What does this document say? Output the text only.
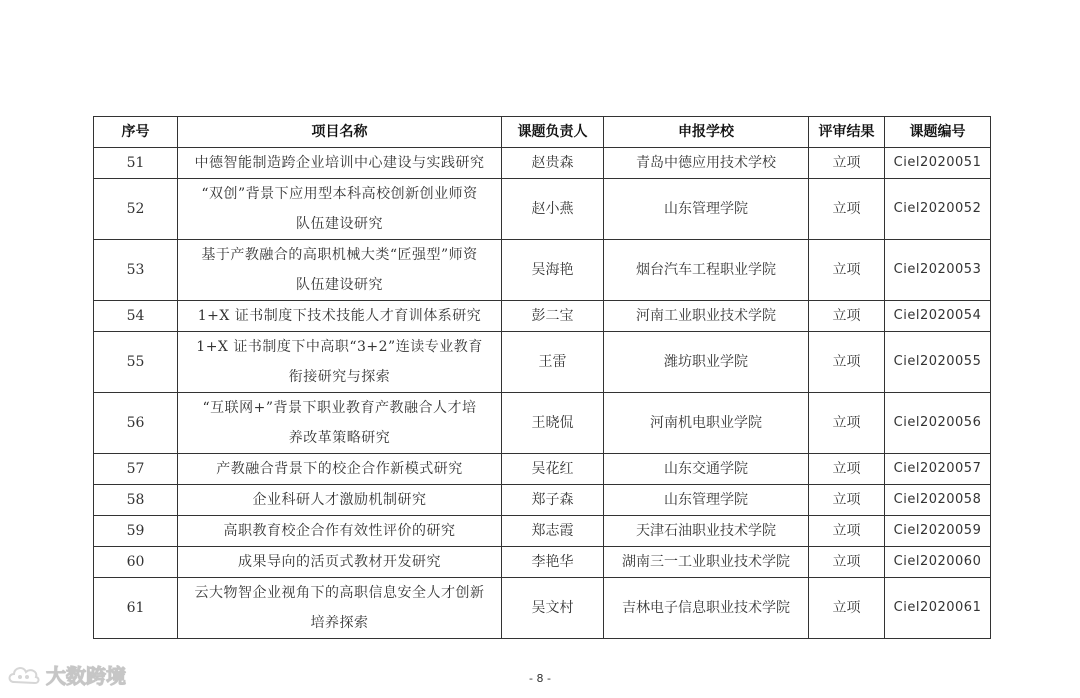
序号	项目名称	课题负责人	申报学校	评审结果	课题编号
51	中德智能制造跨企业培训中心建设与实践研究	赵贵森	青岛中德应用技术学校	立项	Ciel2020051
52	“双创”背景下应用型本科高校创新创业师资
队伍建设研究	赵小燕	山东管理学院	立项	Ciel2020052
53	基于产教融合的高职机械大类“匠强型”师资
队伍建设研究	吴海艳	烟台汽车工程职业学院	立项	Ciel2020053
54	1+X 证书制度下技术技能人才育训体系研究	彭二宝	河南工业职业技术学院	立项	Ciel2020054
55	1+X 证书制度下中高职“3+2”连读专业教育
衔接研究与探索	王雷	潍坊职业学院	立项	Ciel2020055
56	“互联网+”背景下职业教育产教融合人才培
养改革策略研究	王晓侃	河南机电职业学院	立项	Ciel2020056
57	产教融合背景下的校企合作新模式研究	吴花红	山东交通学院	立项	Ciel2020057
58	企业科研人才激励机制研究	郑子森	山东管理学院	立项	Ciel2020058
59	高职教育校企合作有效性评价的研究	郑志霞	天津石油职业技术学院	立项	Ciel2020059
60	成果导向的活页式教材开发研究	李艳华	湖南三一工业职业技术学院	立项	Ciel2020060
61	云大物智企业视角下的高职信息安全人才创新
培养探索	吴文村	吉林电子信息职业技术学院	立项	Ciel2020061
- 8 -
大数跨境
